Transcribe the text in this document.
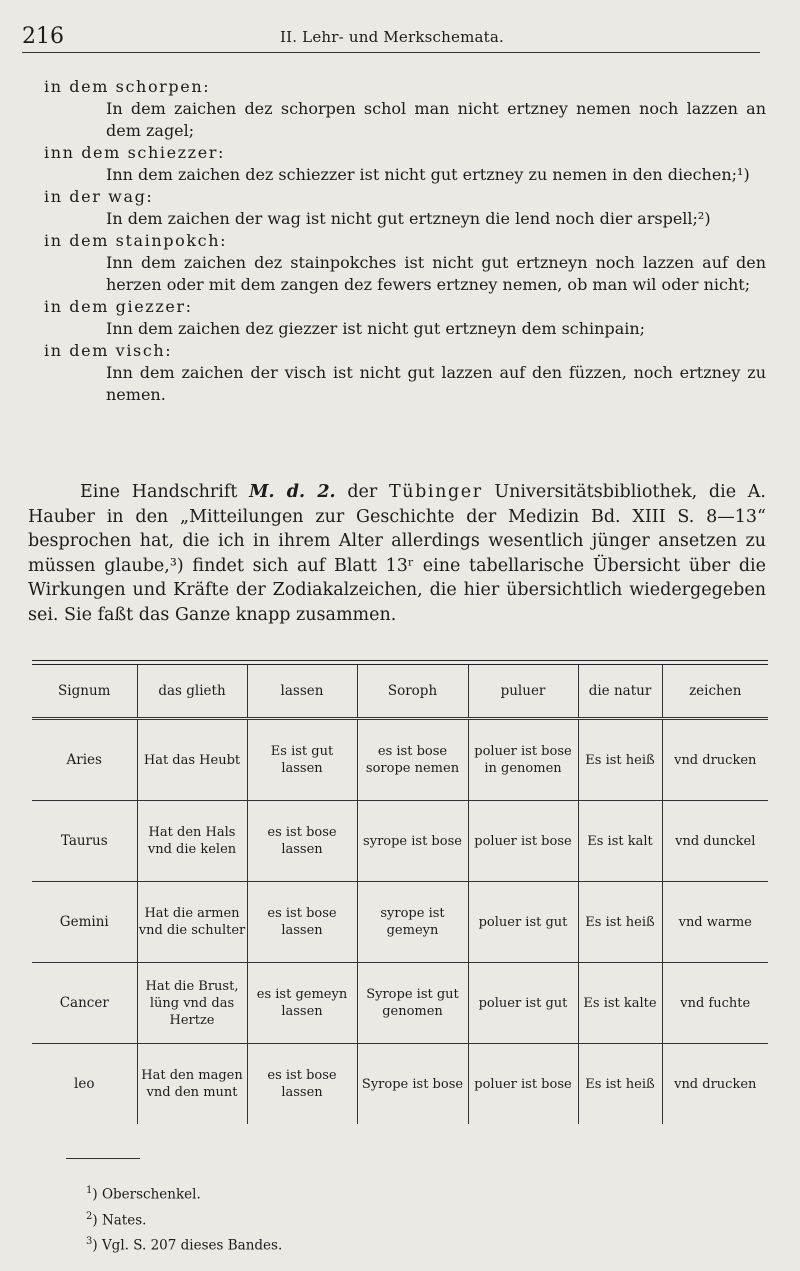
216	II. Lehr- und Merkschemata.
in dem schorpen:
In dem zaichen dez schorpen schol man nicht ertzney nemen noch lazzen an dem zagel;
inn dem schiezzer:
Inn dem zaichen dez schiezzer ist nicht gut ertzney zu nemen in den diechen;¹)
in der wag:
In dem zaichen der wag ist nicht gut ertzneyn die lend noch dier arspell;²)
in dem stainpokch:
Inn dem zaichen dez stainpokches ist nicht gut ertzneyn noch lazzen auf den herzen oder mit dem zangen dez fewers ertzney nemen, ob man wil oder nicht;
in dem giezzer:
Inn dem zaichen dez giezzer ist nicht gut ertzneyn dem schinpain;
in dem visch:
Inn dem zaichen der visch ist nicht gut lazzen auf den füzzen, noch ertzney zu nemen.

Eine Handschrift M. d. 2. der Tübinger Universitätsbibliothek, die A. Hauber in den „Mitteilungen zur Geschichte der Medizin Bd. XIII S. 8—13“ besprochen hat, die ich in ihrem Alter allerdings wesentlich jünger ansetzen zu müssen glaube,³) findet sich auf Blatt 13ʳ eine tabellarische Übersicht über die Wirkungen und Kräfte der Zodiakalzeichen, die hier übersichtlich wiedergegeben sei. Sie faßt das Ganze knapp zusammen.

Signum	das glieth	lassen	Soroph	puluer	die natur	zeichen
Aries	Hat das Heubt	Es ist gut lassen	es ist bose sorope nemen	poluer ist bose in genomen	Es ist heiß	vnd drucken
Taurus	Hat den Hals vnd die kelen	es ist bose lassen	syrope ist bose	poluer ist bose	Es ist kalt	vnd dunckel
Gemini	Hat die armen vnd die schulter	es ist bose lassen	syrope ist gemeyn	poluer ist gut	Es ist heiß	vnd warme
Cancer	Hat die Brust, lüng vnd das Hertze	es ist gemeyn lassen	Syrope ist gut genomen	poluer ist gut	Es ist kalte	vnd fuchte
leo	Hat den magen vnd den munt	es ist bose lassen	Syrope ist bose	poluer ist bose	Es ist heiß	vnd drucken
$^1$) Oberschenkel.
$^2$) Nates.
$^3$) Vgl. S. 207 dieses Bandes.
